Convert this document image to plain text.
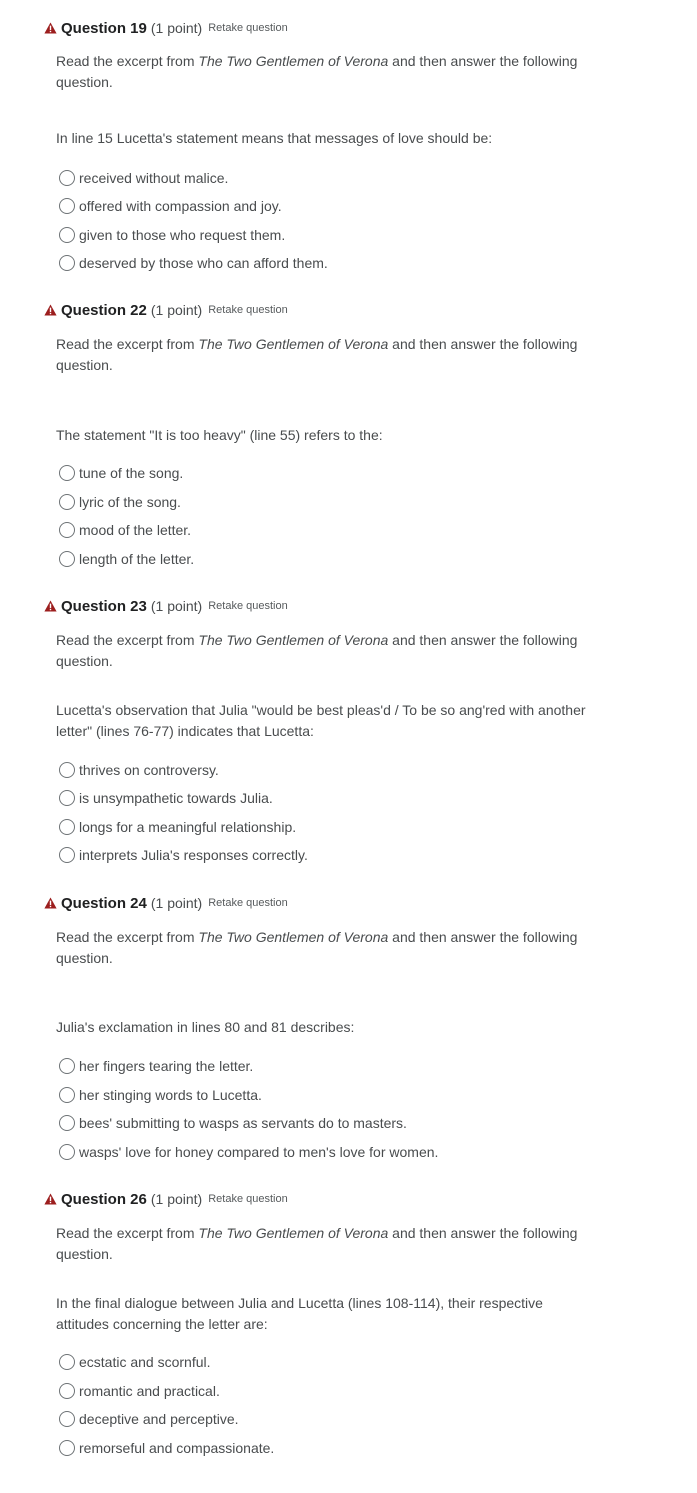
Question 19 (1 point) Retake question
Read the excerpt from The Two Gentlemen of Verona and then answer the following question.
In line 15 Lucetta's statement means that messages of love should be:
received without malice.
offered with compassion and joy.
given to those who request them.
deserved by those who can afford them.
Question 22 (1 point) Retake question
Read the excerpt from The Two Gentlemen of Verona and then answer the following question.
The statement "It is too heavy" (line 55) refers to the:
tune of the song.
lyric of the song.
mood of the letter.
length of the letter.
Question 23 (1 point) Retake question
Read the excerpt from The Two Gentlemen of Verona and then answer the following question.
Lucetta's observation that Julia "would be best pleas'd / To be so ang'red with another letter" (lines 76-77) indicates that Lucetta:
thrives on controversy.
is unsympathetic towards Julia.
longs for a meaningful relationship.
interprets Julia's responses correctly.
Question 24 (1 point) Retake question
Read the excerpt from The Two Gentlemen of Verona and then answer the following question.
Julia's exclamation in lines 80 and 81 describes:
her fingers tearing the letter.
her stinging words to Lucetta.
bees' submitting to wasps as servants do to masters.
wasps' love for honey compared to men's love for women.
Question 26 (1 point) Retake question
Read the excerpt from The Two Gentlemen of Verona and then answer the following question.
In the final dialogue between Julia and Lucetta (lines 108-114), their respective attitudes concerning the letter are:
ecstatic and scornful.
romantic and practical.
deceptive and perceptive.
remorseful and compassionate.
